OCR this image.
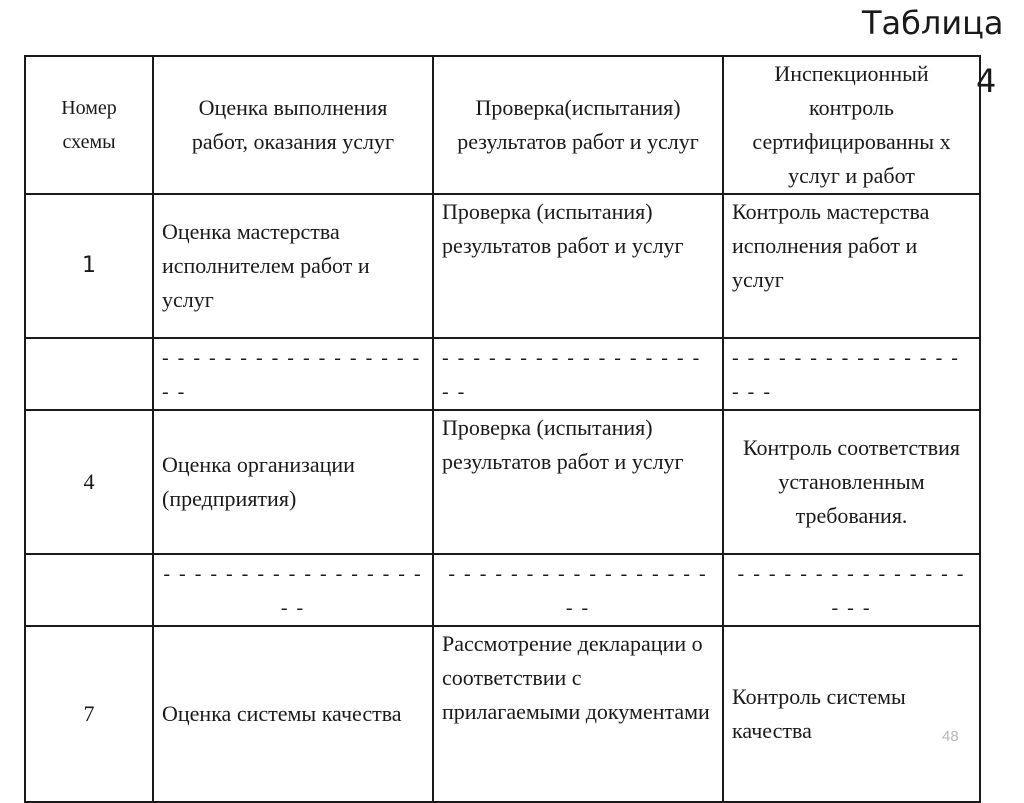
Таблица
4
Номер схемы	Оценка выполнения работ, оказания услуг	Проверка(испытания) результатов работ и услуг	Инспекционный контроль сертифицированны х услуг и работ
1	Оценка мастерства исполнителем работ и услуг	Проверка (испытания) результатов работ и услуг	Контроль мастерства исполнения работ и услуг
	- - - - - - - - - - - - - - - - - - -	- - - - - - - - - - - - - - - - - - -	- - - - - - - - - - - - - - - - - -
4	Оценка организации (предприятия)	Проверка (испытания) результатов работ и услуг	Контроль соответствия установленным требования.
	- - - - - - - - - - - - - - - - - - -	- - - - - - - - - - - - - - - - - - -	- - - - - - - - - - - - - - - - - -
7	Оценка системы качества	Рассмотрение декларации о соответствии с прилагаемыми документами	Контроль системы качества	48
